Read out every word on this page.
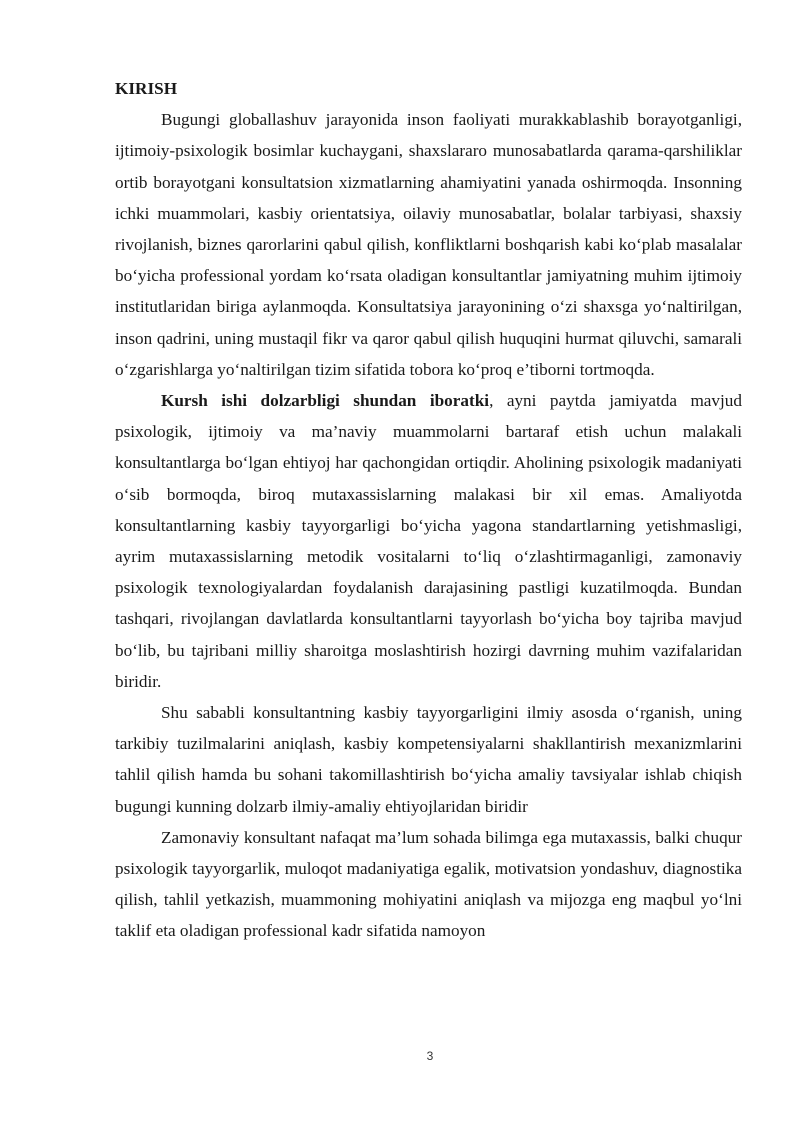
KIRISH

Bugungi globallashuv jarayonida inson faoliyati murakkablashib borayotganligi, ijtimoiy-psixologik bosimlar kuchaygani, shaxslararo munosabatlarda qarama-qarshiliklar ortib borayotgani konsultatsion xizmatlarning ahamiyatini yanada oshirmoqda. Insonning ichki muammolari, kasbiy orientatsiya, oilaviy munosabatlar, bolalar tarbiyasi, shaxsiy rivojlanish, biznes qarorlarini qabul qilish, konfliktlarni boshqarish kabi ko‘plab masalalar bo‘yicha professional yordam ko‘rsata oladigan konsultantlar jamiyatning muhim ijtimoiy institutlaridan biriga aylanmoqda. Konsultatsiya jarayonining o‘zi shaxsga yo‘naltirilgan, inson qadrini, uning mustaqil fikr va qaror qabul qilish huquqini hurmat qiluvchi, samarali o‘zgarishlarga yo‘naltirilgan tizim sifatida tobora ko‘proq e’tiborni tortmoqda.

Kursh ishi dolzarbligi shundan iboratki, ayni paytda jamiyatda mavjud psixologik, ijtimoiy va ma’naviy muammolarni bartaraf etish uchun malakali konsultantlarga bo‘lgan ehtiyoj har qachongidan ortiqdir. Aholining psixologik madaniyati o‘sib bormoqda, biroq mutaxassislarning malakasi bir xil emas. Amaliyotda konsultantlarning kasbiy tayyorgarligi bo‘yicha yagona standartlarning yetishmasligi, ayrim mutaxassislarning metodik vositalarni to‘liq o‘zlashtirmaganligi, zamonaviy psixologik texnologiyalardan foydalanish darajasining pastligi kuzatilmoqda. Bundan tashqari, rivojlangan davlatlarda konsultantlarni tayyorlash bo‘yicha boy tajriba mavjud bo‘lib, bu tajribani milliy sharoitga moslashtirish hozirgi davrning muhim vazifalaridan biridir.

Shu sababli konsultantning kasbiy tayyorgarligini ilmiy asosda o‘rganish, uning tarkibiy tuzilmalarini aniqlash, kasbiy kompetensiyalarni shakllantirish mexanizmlarini tahlil qilish hamda bu sohani takomillashtirish bo‘yicha amaliy tavsiyalar ishlab chiqish bugungi kunning dolzarb ilmiy-amaliy ehtiyojlaridan biridir

Zamonaviy konsultant nafaqat ma’lum sohada bilimga ega mutaxassis, balki chuqur psixologik tayyorgarlik, muloqot madaniyatiga egalik, motivatsion yondashuv, diagnostika qilish, tahlil yetkazish, muammoning mohiyatini aniqlash va mijozga eng maqbul yo‘lni taklif eta oladigan professional kadr sifatida namoyon

3
